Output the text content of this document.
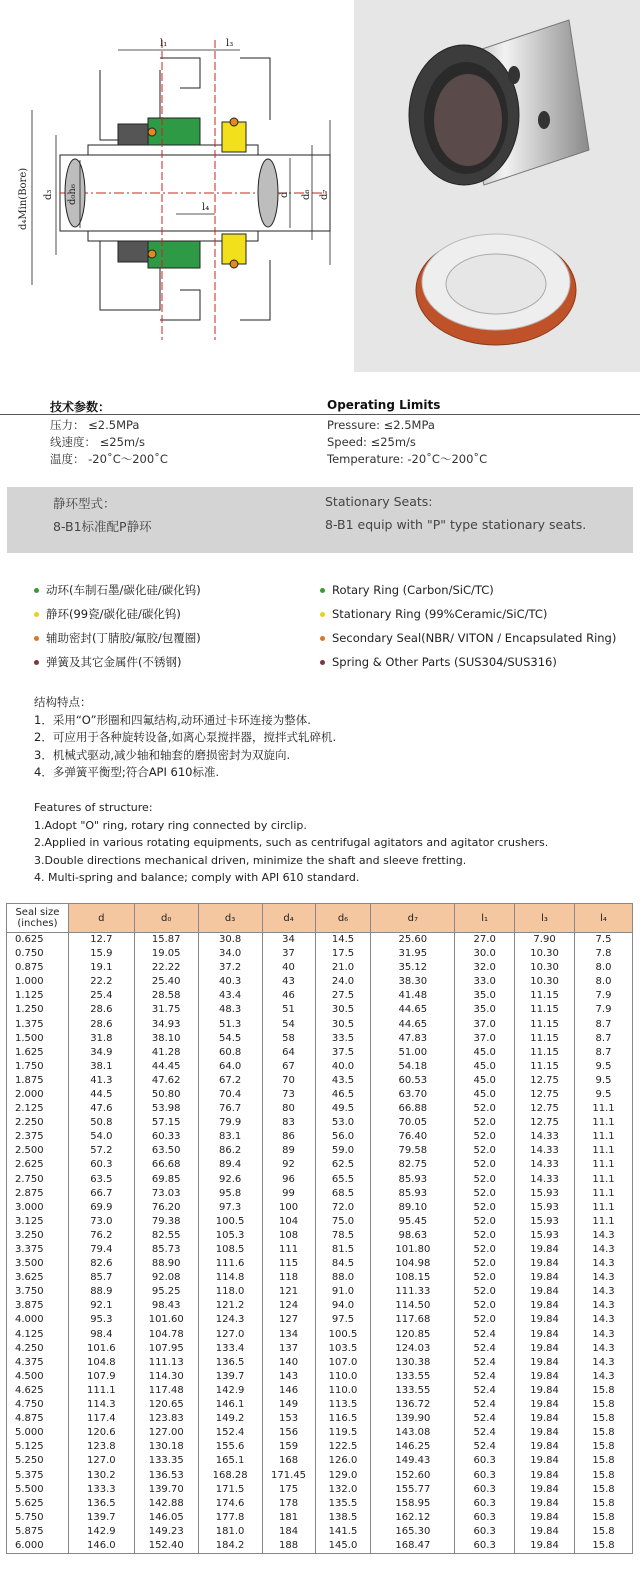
l₁	l₃
l₄
d₄Min(Bore) d₃ d₀h₆	d d₆ d₇
技术参数：	Operating Limits
压力： ≤2.5MPa
线速度： ≤25m/s
温度： -20˚C～200˚C
Pressure: ≤2.5MPa
Speed: ≤25m/s
Temperature: -20˚C～200˚C
静环型式：
8-B1标准配P静环
Stationary Seats:
8-B1 equip with "P" type stationary seats.
动环(车制石墨/碳化硅/碳化钨)
静环(99瓷/碳化硅/碳化钨)
辅助密封(丁腈胶/氟胶/包覆圈)
弹簧及其它金属件(不锈钢)
Rotary Ring (Carbon/SiC/TC)
Stationary Ring (99%Ceramic/SiC/TC)
Secondary Seal(NBR/ VITON / Encapsulated Ring)
Spring & Other Parts (SUS304/SUS316)
结构特点：
1．采用“O”形圈和四氟结构,动环通过卡环连接为整体.
2．可应用于各种旋转设备,如离心泵搅拌器，搅拌式轧碎机.
3．机械式驱动,减少轴和轴套的磨损密封为双旋向.
4．多弹簧平衡型;符合API 610标准.
Features of structure:
1.Adopt "O" ring, rotary ring connected by circlip.
2.Applied in various rotating equipments, such as centrifugal agitators and agitator crushers.
3.Double directions mechanical driven, minimize the shaft and sleeve fretting.
4. Multi-spring and balance; comply with API 610 standard.
Seal size (inches)	d	d₀	d₃	d₄	d₆	d₇	l₁	l₃	l₄
0.625	12.7	15.87	30.8	34	14.5	25.60	27.0	7.90	7.5
0.750	15.9	19.05	34.0	37	17.5	31.95	30.0	10.30	7.8
0.875	19.1	22.22	37.2	40	21.0	35.12	32.0	10.30	8.0
1.000	22.2	25.40	40.3	43	24.0	38.30	33.0	10.30	8.0
1.125	25.4	28.58	43.4	46	27.5	41.48	35.0	11.15	7.9
1.250	28.6	31.75	48.3	51	30.5	44.65	35.0	11.15	7.9
1.375	28.6	34.93	51.3	54	30.5	44.65	37.0	11.15	8.7
1.500	31.8	38.10	54.5	58	33.5	47.83	37.0	11.15	8.7
1.625	34.9	41.28	60.8	64	37.5	51.00	45.0	11.15	8.7
1.750	38.1	44.45	64.0	67	40.0	54.18	45.0	11.15	9.5
1.875	41.3	47.62	67.2	70	43.5	60.53	45.0	12.75	9.5
2.000	44.5	50.80	70.4	73	46.5	63.70	45.0	12.75	9.5
2.125	47.6	53.98	76.7	80	49.5	66.88	52.0	12.75	11.1
2.250	50.8	57.15	79.9	83	53.0	70.05	52.0	12.75	11.1
2.375	54.0	60.33	83.1	86	56.0	76.40	52.0	14.33	11.1
2.500	57.2	63.50	86.2	89	59.0	79.58	52.0	14.33	11.1
2.625	60.3	66.68	89.4	92	62.5	82.75	52.0	14.33	11.1
2.750	63.5	69.85	92.6	96	65.5	85.93	52.0	14.33	11.1
2.875	66.7	73.03	95.8	99	68.5	85.93	52.0	15.93	11.1
3.000	69.9	76.20	97.3	100	72.0	89.10	52.0	15.93	11.1
3.125	73.0	79.38	100.5	104	75.0	95.45	52.0	15.93	11.1
3.250	76.2	82.55	105.3	108	78.5	98.63	52.0	15.93	14.3
3.375	79.4	85.73	108.5	111	81.5	101.80	52.0	19.84	14.3
3.500	82.6	88.90	111.6	115	84.5	104.98	52.0	19.84	14.3
3.625	85.7	92.08	114.8	118	88.0	108.15	52.0	19.84	14.3
3.750	88.9	95.25	118.0	121	91.0	111.33	52.0	19.84	14.3
3.875	92.1	98.43	121.2	124	94.0	114.50	52.0	19.84	14.3
4.000	95.3	101.60	124.3	127	97.5	117.68	52.0	19.84	14.3
4.125	98.4	104.78	127.0	134	100.5	120.85	52.4	19.84	14.3
4.250	101.6	107.95	133.4	137	103.5	124.03	52.4	19.84	14.3
4.375	104.8	111.13	136.5	140	107.0	130.38	52.4	19.84	14.3
4.500	107.9	114.30	139.7	143	110.0	133.55	52.4	19.84	14.3
4.625	111.1	117.48	142.9	146	110.0	133.55	52.4	19.84	15.8
4.750	114.3	120.65	146.1	149	113.5	136.72	52.4	19.84	15.8
4.875	117.4	123.83	149.2	153	116.5	139.90	52.4	19.84	15.8
5.000	120.6	127.00	152.4	156	119.5	143.08	52.4	19.84	15.8
5.125	123.8	130.18	155.6	159	122.5	146.25	52.4	19.84	15.8
5.250	127.0	133.35	165.1	168	126.0	149.43	60.3	19.84	15.8
5.375	130.2	136.53	168.28	171.45	129.0	152.60	60.3	19.84	15.8
5.500	133.3	139.70	171.5	175	132.0	155.77	60.3	19.84	15.8
5.625	136.5	142.88	174.6	178	135.5	158.95	60.3	19.84	15.8
5.750	139.7	146.05	177.8	181	138.5	162.12	60.3	19.84	15.8
5.875	142.9	149.23	181.0	184	141.5	165.30	60.3	19.84	15.8
6.000	146.0	152.40	184.2	188	145.0	168.47	60.3	19.84	15.8
